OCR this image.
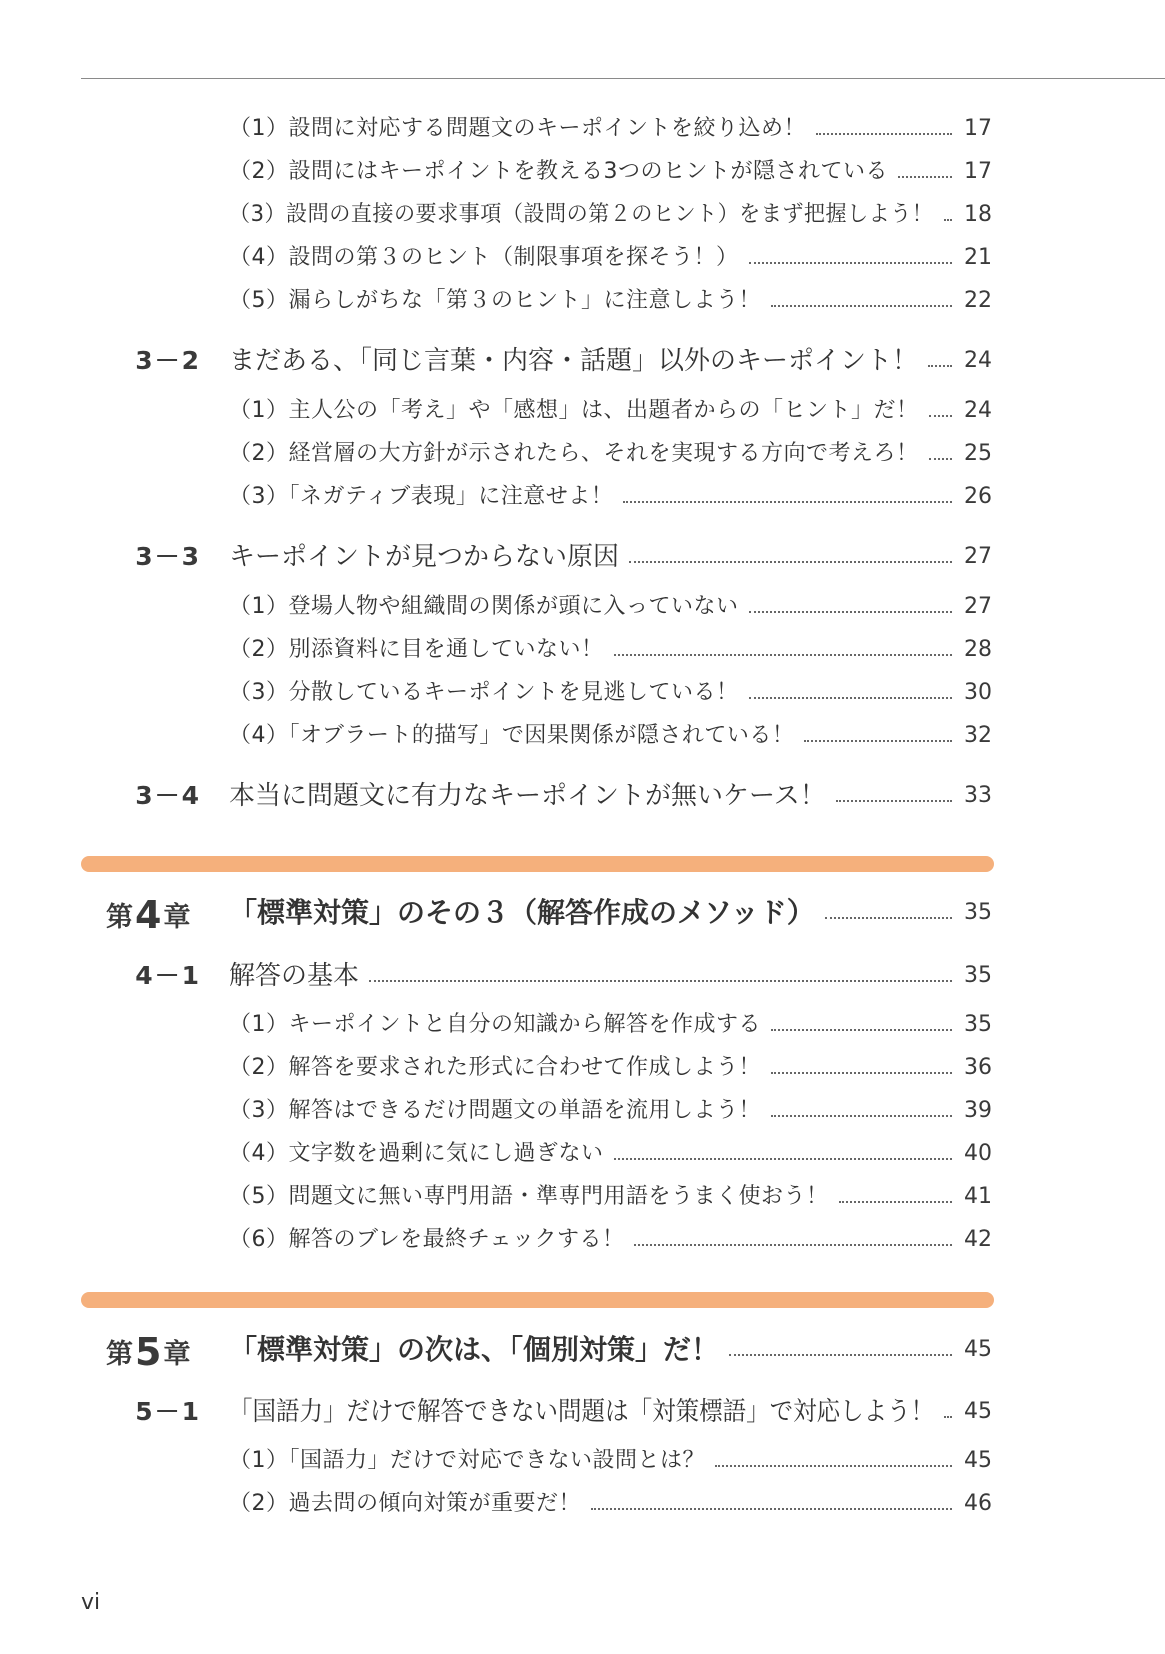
（1）設問に対応する問題文のキーポイントを絞り込め！	17
（2）設問にはキーポイントを教える3つのヒントが隠されている	17
（3）設問の直接の要求事項（設問の第２のヒント）をまず把握しよう！ 18
（4）設問の第３のヒント（制限事項を探そう！）	21
（5）漏らしがちな「第３のヒント」に注意しよう！	22
3－2 まだある、「同じ言葉・内容・話題」以外のキーポイント！ 24
（1）主人公の「考え」や「感想」は、出題者からの「ヒント」だ！ 24
（2）経営層の大方針が示されたら、それを実現する方向で考えろ！ 25
（3）「ネガティブ表現」に注意せよ！	26
3－3 キーポイントが見つからない原因	27
（1）登場人物や組織間の関係が頭に入っていない	27
（2）別添資料に目を通していない！	28
（3）分散しているキーポイントを見逃している！	30
（4）「オブラート的描写」で因果関係が隠されている！	32
3－4 本当に問題文に有力なキーポイントが無いケース！	33
第4章 「標準対策」のその３（解答作成のメソッド）	35
4－1 解答の基本	35
（1）キーポイントと自分の知識から解答を作成する	35
（2）解答を要求された形式に合わせて作成しよう！	36
（3）解答はできるだけ問題文の単語を流用しよう！	39
（4）文字数を過剰に気にし過ぎない	40
（5）問題文に無い専門用語・準専門用語をうまく使おう！	41
（6）解答のブレを最終チェックする！	42
第5章 「標準対策」の次は、「個別対策」だ！	45
5－1 「国語力」だけで解答できない問題は「対策標語」で対応しよう！ 45
（1）「国語力」だけで対応できない設問とは？	45
（2）過去問の傾向対策が重要だ！	46
vi
